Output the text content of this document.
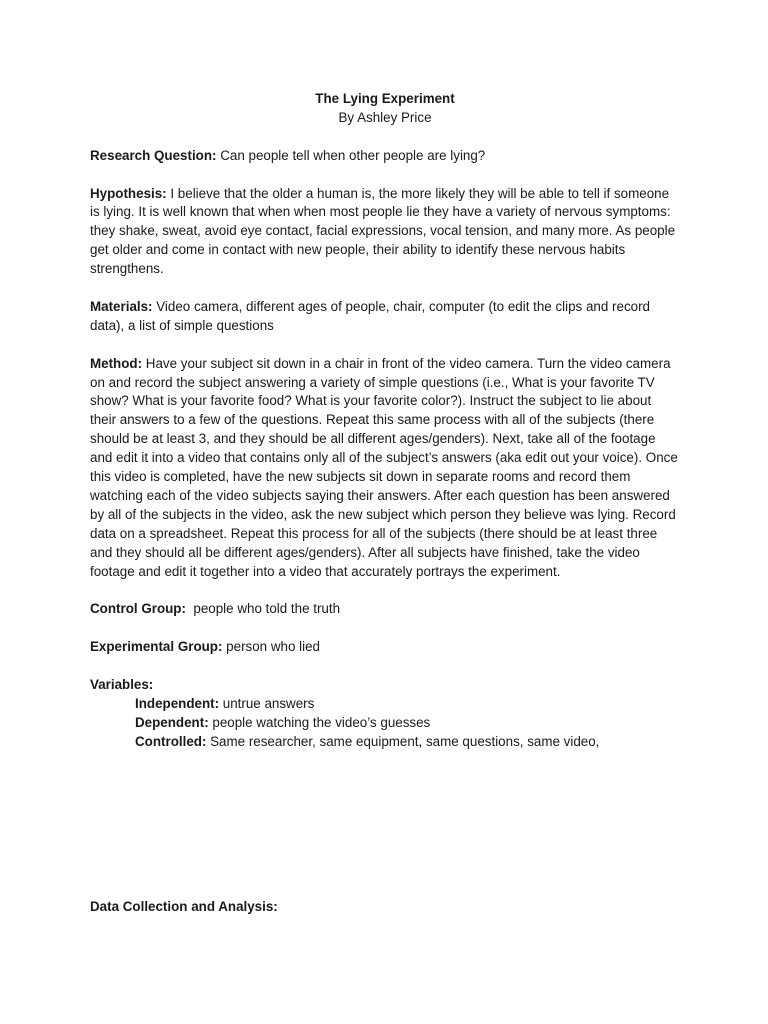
The Lying Experiment

By Ashley Price

Research Question: Can people tell when other people are lying?

Hypothesis: I believe that the older a human is, the more likely they will be able to tell if someone is lying. It is well known that when when most people lie they have a variety of nervous symptoms: they shake, sweat, avoid eye contact, facial expressions, vocal tension, and many more. As people get older and come in contact with new people, their ability to identify these nervous habits strengthens.

Materials: Video camera, different ages of people, chair, computer (to edit the clips and record data), a list of simple questions

Method: Have your subject sit down in a chair in front of the video camera. Turn the video camera on and record the subject answering a variety of simple questions (i.e., What is your favorite TV show? What is your favorite food? What is your favorite color?). Instruct the subject to lie about their answers to a few of the questions. Repeat this same process with all of the subjects (there should be at least 3, and they should be all different ages/genders). Next, take all of the footage and edit it into a video that contains only all of the subject’s answers (aka edit out your voice). Once this video is completed, have the new subjects sit down in separate rooms and record them watching each of the video subjects saying their answers. After each question has been answered by all of the subjects in the video, ask the new subject which person they believe was lying. Record data on a spreadsheet. Repeat this process for all of the subjects (there should be at least three and they should all be different ages/genders). After all subjects have finished, take the video footage and edit it together into a video that accurately portrays the experiment.

Control Group:  people who told the truth

Experimental Group: person who lied

Variables:

Independent: untrue answers

Dependent: people watching the video’s guesses

Controlled: Same researcher, same equipment, same questions, same video,

Data Collection and Analysis:
